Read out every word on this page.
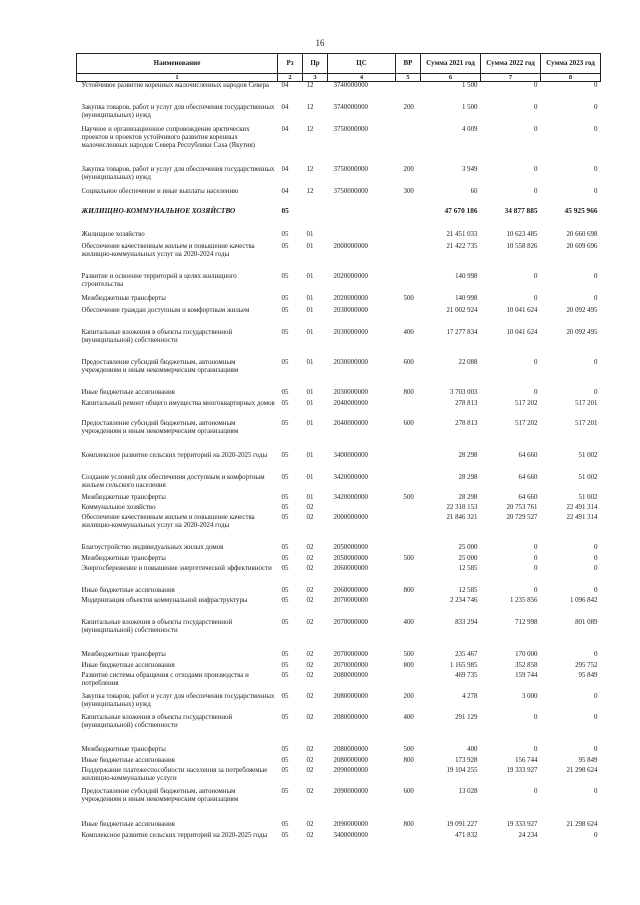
16
Наименование	Рз	Пр	ЦС	ВР	Сумма 2021 год	Сумма 2022 год	Сумма 2023 год
1	2	3	4	5	6	7	8
Устойчивое развитие коренных малочисленных народов Севера	04	12	3740000000		1 500	0	0
Закупка товаров, работ и услуг для обеспечения государственных (муниципальных) нужд	04	12	3740000000	200	1 500	0	0
Научное и организационное сопровождение арктических проектов и проектов устойчивого развития коренных малочисленных народов Севера Республики Саха (Якутия)	04	12	3750000000		4 009	0	0
Закупка товаров, работ и услуг для обеспечения государственных (муниципальных) нужд	04	12	3750000000	200	3 949	0	0
Социальное обеспечение и иные выплаты населению	04	12	3750000000	300	60	0	0
ЖИЛИЩНО-КОММУНАЛЬНОЕ ХОЗЯЙСТВО	05				47 670 186	34 877 885	45 925 966
Жилищное хозяйство	05	01			21 451 033	10 623 485	20 660 698
Обеспечение качественным жильем и повышение качества жилищно-коммунальных услуг на 2020-2024 годы	05	01	2000000000		21 422 735	10 558 826	20 609 696
Развитие и освоение территорий в целях жилищного строительства	05	01	2020000000		140 998	0	0
Межбюджетные трансферты	05	01	2020000000	500	140 998	0	0
Обеспечение граждан доступным и комфортным жильем	05	01	2030000000		21 002 924	10 041 624	20 092 495
Капитальные вложения в объекты государственной (муниципальной) собственности	05	01	2030000000	400	17 277 834	10 041 624	20 092 495
Предоставление субсидий бюджетным, автономным учреждениям и иным некоммерческим организациям	05	01	2030000000	600	22 088	0	0
Иные бюджетные ассигнования	05	01	2030000000	800	3 703 003	0	0
Капитальный ремонт общего имущества многоквартирных домов	05	01	2040000000		278 813	517 202	517 201
Предоставление субсидий бюджетным, автономным учреждениям и иным некоммерческим организациям	05	01	2040000000	600	278 813	517 202	517 201
Комплексное развитие сельских территорий на 2020-2025 годы	05	01	3400000000		28 298	64 660	51 002
Создание условий для обеспечения доступным и комфортным жильем сельского населения	05	01	3420000000		28 298	64 660	51 002
Межбюджетные трансферты	05	01	3420000000	500	28 298	64 660	51 002
Коммунальное хозяйство	05	02			22 318 153	20 753 761	22 491 314
Обеспечение качественным жильем и повышение качества жилищно-коммунальных услуг на 2020-2024 годы	05	02	2000000000		21 846 321	20 729 527	22 491 314
Благоустройство индивидуальных жилых домов	05	02	2050000000		25 000	0	0
Межбюджетные трансферты	05	02	2050000000	500	25 000	0	0
Энергосбережение и повышение энергетической эффективности	05	02	2060000000		12 585	0	0
Иные бюджетные ассигнования	05	02	2060000000	800	12 585	0	0
Модернизация объектов коммунальной инфраструктуры	05	02	2070000000		2 234 746	1 235 856	1 096 842
Капитальные вложения в объекты государственной (муниципальной) собственности	05	02	2070000000	400	833 294	712 998	801 089
Межбюджетные трансферты	05	02	2070000000	500	235 467	170 000	0
Иные бюджетные ассигнования	05	02	2070000000	800	1 165 985	352 858	295 752
Развитие системы обращения с отходами производства и потребления	05	02	2080000000		469 735	159 744	95 849
Закупка товаров, работ и услуг для обеспечения государственных (муниципальных) нужд	05	02	2080000000	200	4 278	3 000	0
Капитальные вложения в объекты государственной (муниципальной) собственности	05	02	2080000000	400	291 129	0	0
Межбюджетные трансферты	05	02	2080000000	500	400	0	0
Иные бюджетные ассигнования	05	02	2080000000	800	173 928	156 744	95 849
Поддержание платежеспособности населения за потребляемые жилищно-коммунальные услуги	05	02	2090000000		19 104 255	19 333 927	21 298 624
Предоставление субсидий бюджетным, автономным учреждениям и иным некоммерческим организациям	05	02	2090000000	600	13 028	0	0
Иные бюджетные ассигнования	05	02	2090000000	800	19 091 227	19 333 927	21 298 624
Комплексное развитие сельских территорий на 2020-2025 годы	05	02	3400000000		471 832	24 234	0
